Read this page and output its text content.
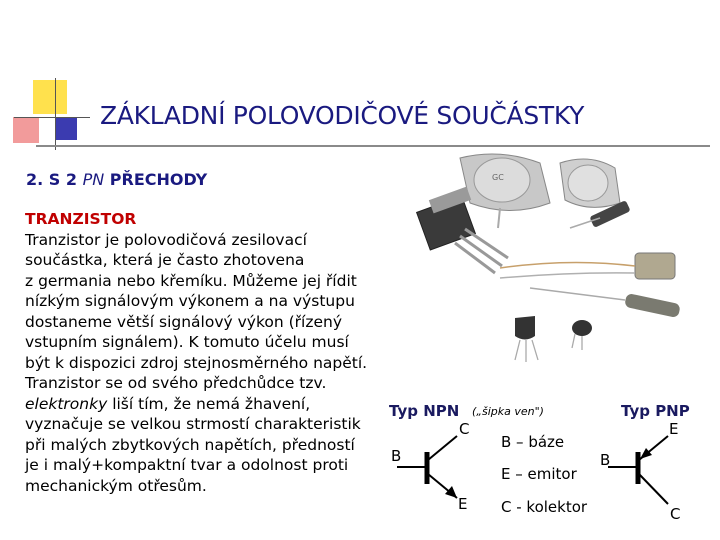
ZÁKLADNÍ POLOVODIČOVÉ SOUČÁSTKY
2. S 2 PN PŘECHODY
TRANZISTOR
Tranzistor je polovodičová zesilovací
součástka, která je často zhotovena
z germania nebo křemíku. Můžeme jej řídit
nízkým signálovým výkonem a na výstupu
dostaneme větší signálový výkon (řízený
vstupním signálem). K tomuto účelu musí
být k dispozici zdroj stejnosměrného napětí.
Tranzistor se od svého předchůdce tzv.
elektronky liší tím, že nemá žhavení,
vyznačuje se velkou strmostí charakteristik
při malých zbytkových napětích, předností
je i malý+kompaktní tvar a odolnost proti
mechanickým otřesům.
GC
Typ NPN („šipka ven")	Typ PNP
C
B
E
B – báze
E – emitor
C - kolektor
E
B
C
